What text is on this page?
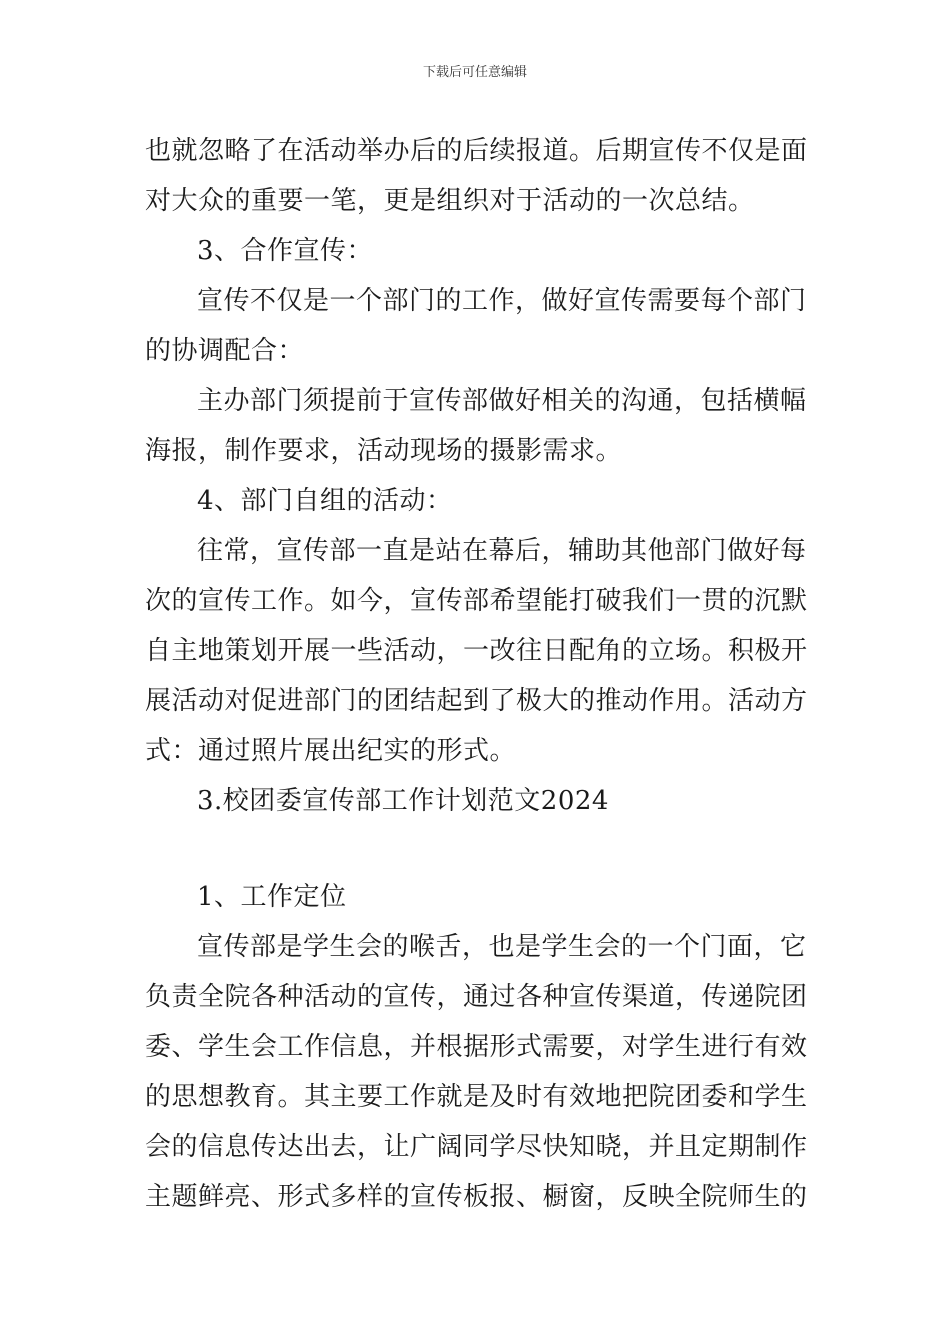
下载后可任意编辑
也就忽略了在活动举办后的后续报道。后期宣传不仅是面
对大众的重要一笔，更是组织对于活动的一次总结。
3、合作宣传：
宣传不仅是一个部门的工作，做好宣传需要每个部门
的协调配合：
主办部门须提前于宣传部做好相关的沟通，包括横幅
海报，制作要求，活动现场的摄影需求。
4、部门自组的活动：
往常，宣传部一直是站在幕后，辅助其他部门做好每
次的宣传工作。如今，宣传部希望能打破我们一贯的沉默
自主地策划开展一些活动，一改往日配角的立场。积极开
展活动对促进部门的团结起到了极大的推动作用。活动方
式：通过照片展出纪实的形式。
3.校团委宣传部工作计划范文2024
1、工作定位
宣传部是学生会的喉舌，也是学生会的一个门面，它
负责全院各种活动的宣传，通过各种宣传渠道，传递院团
委、学生会工作信息，并根据形式需要，对学生进行有效
的思想教育。其主要工作就是及时有效地把院团委和学生
会的信息传达出去，让广阔同学尽快知晓，并且定期制作
主题鲜亮、形式多样的宣传板报、橱窗，反映全院师生的
